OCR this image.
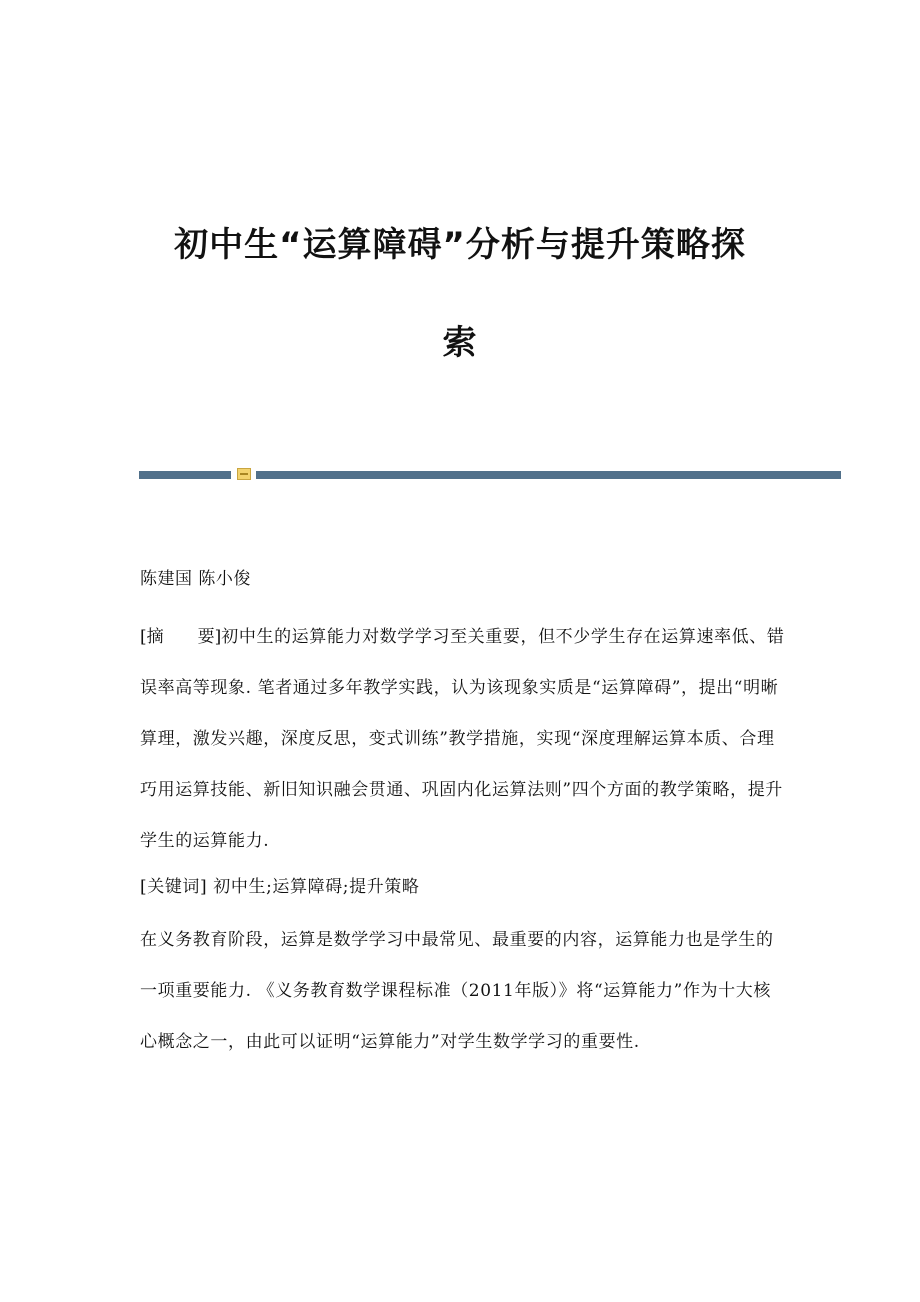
初中生“运算障碍”分析与提升策略探
索

陈建国 陈小俊

[摘　　要]初中生的运算能力对数学学习至关重要，但不少学生存在运算速率低、错误率高等现象. 笔者通过多年教学实践，认为该现象实质是“运算障碍”，提出“明晰算理，激发兴趣，深度反思，变式训练”教学措施，实现“深度理解运算本质、合理巧用运算技能、新旧知识融会贯通、巩固内化运算法则”四个方面的教学策略，提升学生的运算能力.

[关键词] 初中生;运算障碍;提升策略

在义务教育阶段，运算是数学学习中最常见、最重要的内容，运算能力也是学生的一项重要能力. 《义务教育数学课程标准（2011年版）》将“运算能力”作为十大核心概念之一，由此可以证明“运算能力”对学生数学学习的重要性.
